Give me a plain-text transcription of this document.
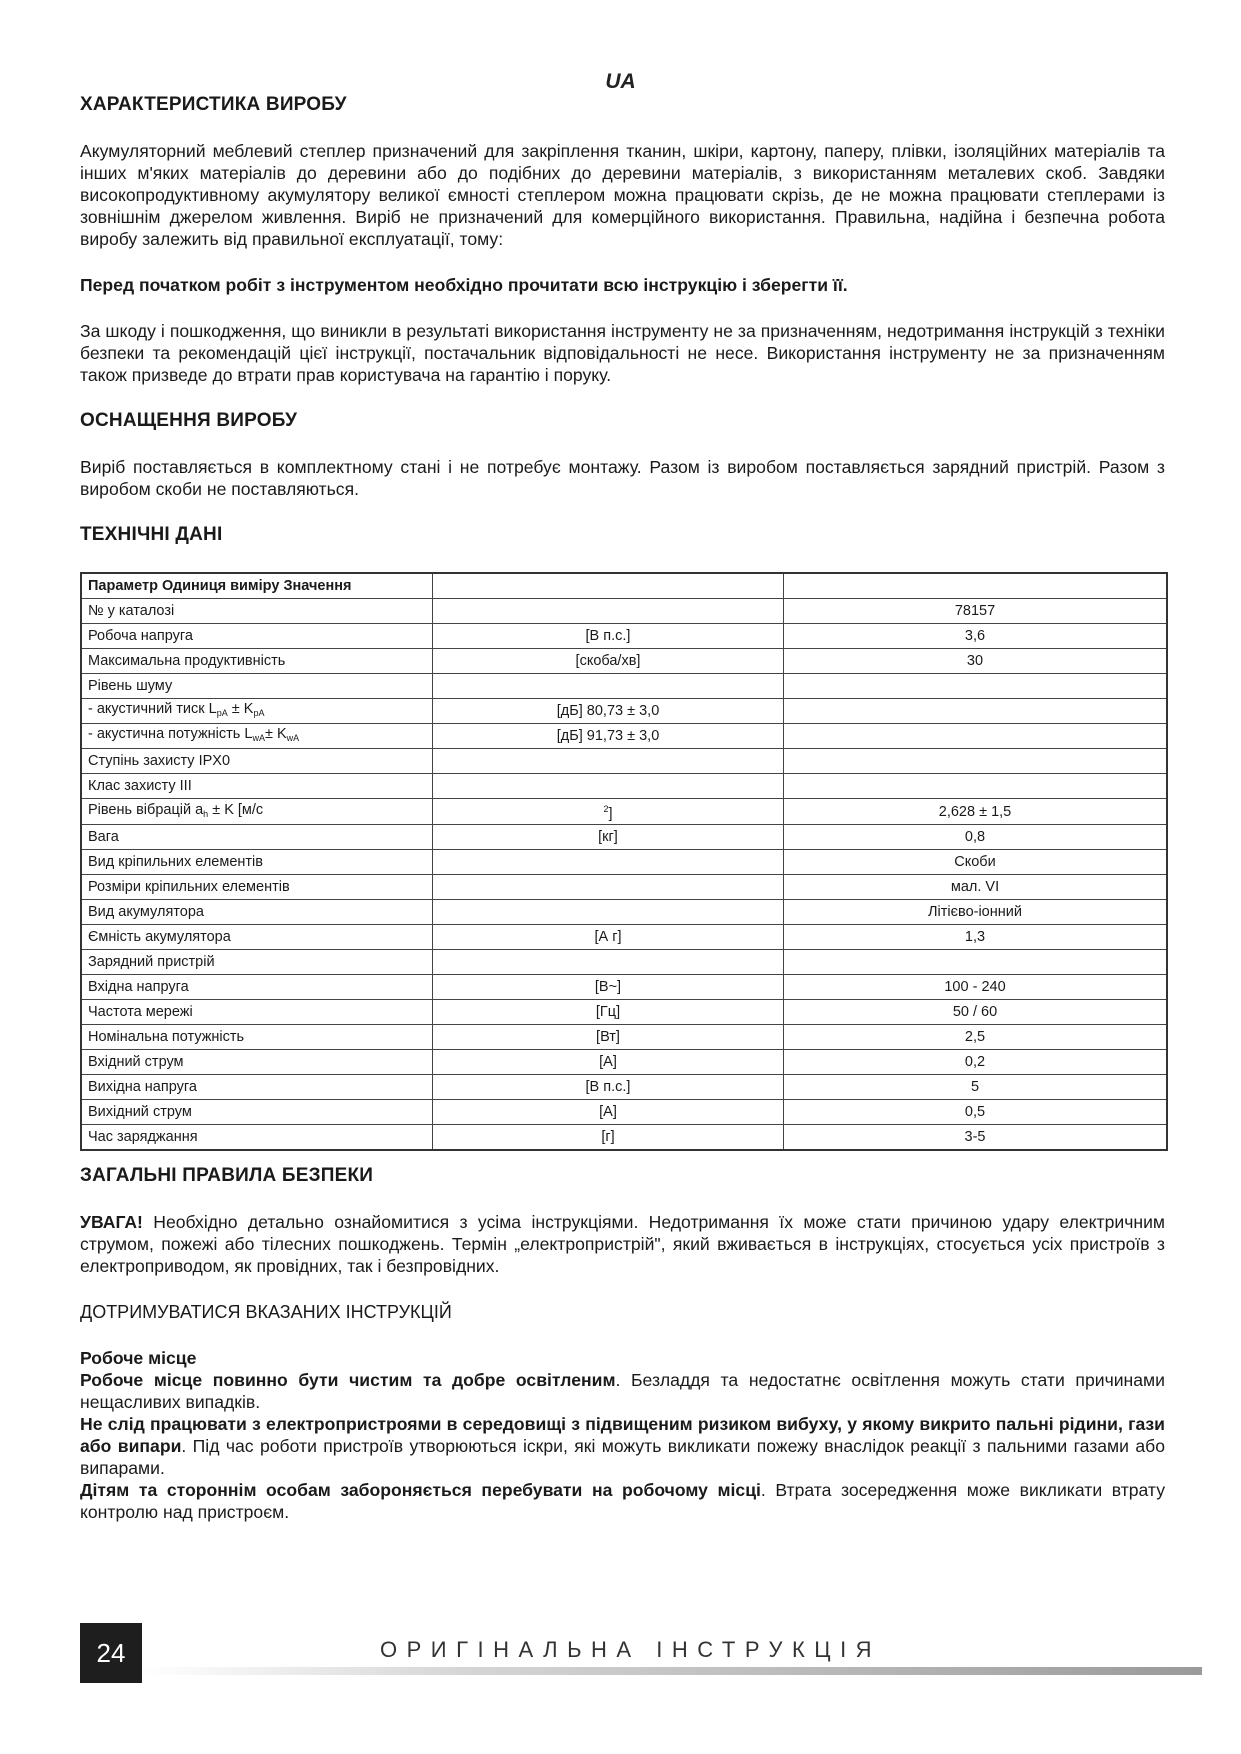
UA
ХАРАКТЕРИСТИКА ВИРОБУ

Акумуляторний меблевий степлер призначений для закріплення тканин, шкіри, картону, паперу, плівки, ізоляційних матеріалів та інших м'яких матеріалів до деревини або до подібних до деревини матеріалів, з використанням металевих скоб. Завдяки високопродуктивному акумулятору великої ємності степлером можна працювати скрізь, де не можна працювати степлерами із зовнішнім джерелом живлення. Виріб не призначений для комерційного використання. Правильна, надійна і безпечна робота виробу залежить від правильної експлуатації, тому:

Перед початком робіт з інструментом необхідно прочитати всю інструкцію і зберегти її.

За шкоду і пошкодження, що виникли в результаті використання інструменту не за призначенням, недотримання інструкцій з техніки безпеки та рекомендацій цієї інструкції, постачальник відповідальності не несе. Використання інструменту не за призначенням також призведе до втрати прав користувача на гарантію і поруку.

ОСНАЩЕННЯ ВИРОБУ

Виріб поставляється в комплектному стані і не потребує монтажу. Разом із виробом поставляється зарядний пристрій. Разом з виробом скоби не поставляються.

ТЕХНІЧНІ ДАНІ
Параметр Одиниця виміру Значення		
№ у каталозі		78157
Робоча напруга	[В п.с.]	3,6
Максимальна продуктивність	[скоба/хв]	30
Рівень шуму		
- акустичний тиск $L_{pA} \pm K_{pA}$	[дБ] 80,73 ± 3,0	
- акустична потужність $L_{wA}\pm K_{wA}$	[дБ] 91,73 ± 3,0	
Ступінь захисту IPX0		
Клас захисту III		
Рівень вібрацій $a_h \pm K$ [м/с	$^2$]	2,628 ± 1,5
Вага	[кг]	0,8
Вид кріпильних елементів		Скоби
Розміри кріпильних елементів		мал. VI
Вид акумулятора		Літієво-іонний
Ємність акумулятора	[А г]	1,3
Зарядний пристрій		
Вхідна напруга	[В~]	100 - 240
Частота мережі	[Гц]	50 / 60
Номінальна потужність	[Вт]	2,5
Вхідний струм	[А]	0,2
Вихідна напруга	[В п.с.]	5
Вихідний струм	[А]	0,5
Час заряджання	[г]	3-5
ЗАГАЛЬНІ ПРАВИЛА БЕЗПЕКИ

УВАГА! Необхідно детально ознайомитися з усіма інструкціями. Недотримання їх може стати причиною удару електричним струмом, пожежі або тілесних пошкоджень. Термін „електропристрій", який вживається в інструкціях, стосується усіх пристроїв з електроприводом, як провідних, так і безпровідних.

ДОТРИМУВАТИСЯ ВКАЗАНИХ ІНСТРУКЦІЙ

Робоче місце

Робоче місце повинно бути чистим та добре освітленим. Безладдя та недостатнє освітлення можуть стати причинами нещасливих випадків.

Не слід працювати з електропристроями в середовищі з підвищеним ризиком вибуху, у якому викрито пальні рідини, гази або випари. Під час роботи пристроїв утворюються іскри, які можуть викликати пожежу внаслідок реакції з пальними газами або випарами.

Дітям та стороннім особам забороняється перебувати на робочому місці. Втрата зосередження може викликати втрату контролю над пристроєм.

24	ОРИГІНАЛЬНА ІНСТРУКЦІЯ
